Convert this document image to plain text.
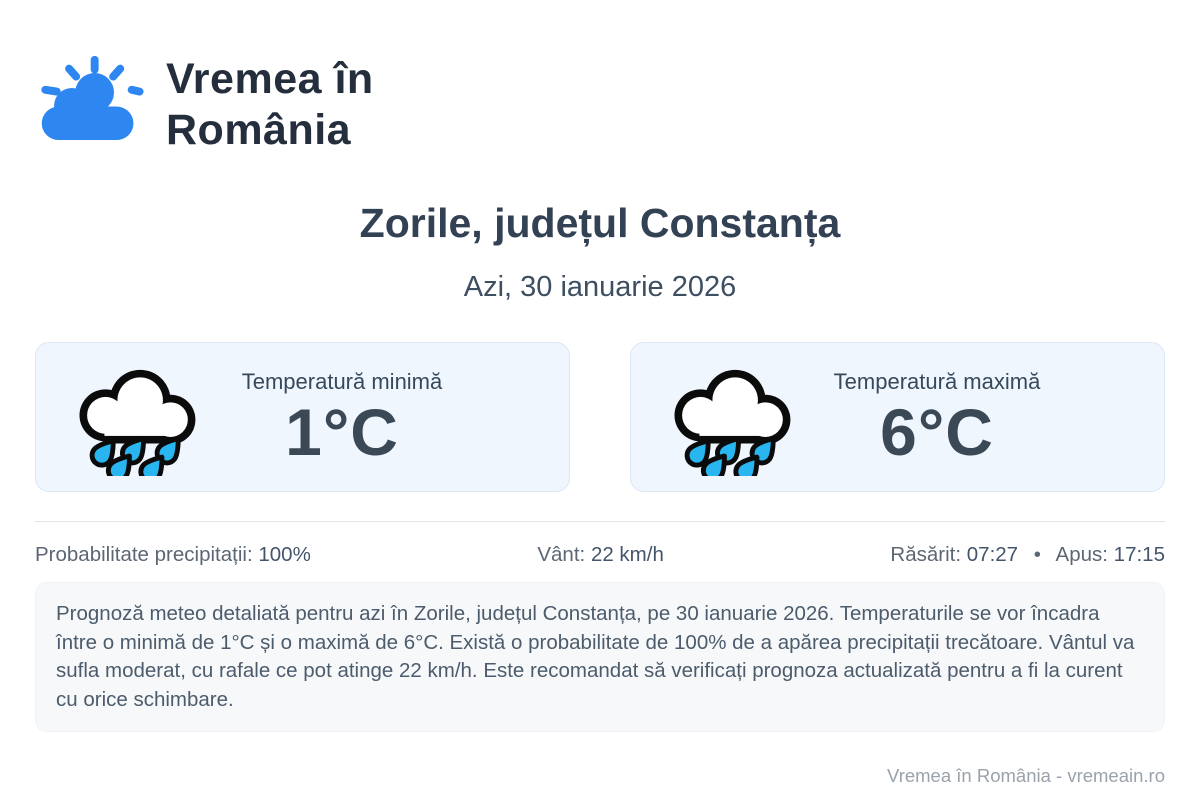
Vremea în
România
Zorile, județul Constanța
Azi, 30 ianuarie 2026
Temperatură minimă
1°C
Temperatură maximă
6°C
Probabilitate precipitații: 100%	Vânt: 22 km/h	Răsărit: 07:27 • Apus: 17:15
Prognoză meteo detaliată pentru azi în Zorile, județul Constanța, pe 30 ianuarie 2026. Temperaturile se vor încadra între o minimă de 1°C și o maximă de 6°C. Există o probabilitate de 100% de a apărea precipitații trecătoare. Vântul va sufla moderat, cu rafale ce pot atinge 22 km/h. Este recomandat să verificați prognoza actualizată pentru a fi la curent cu orice schimbare.
Vremea în România - vremeain.ro
